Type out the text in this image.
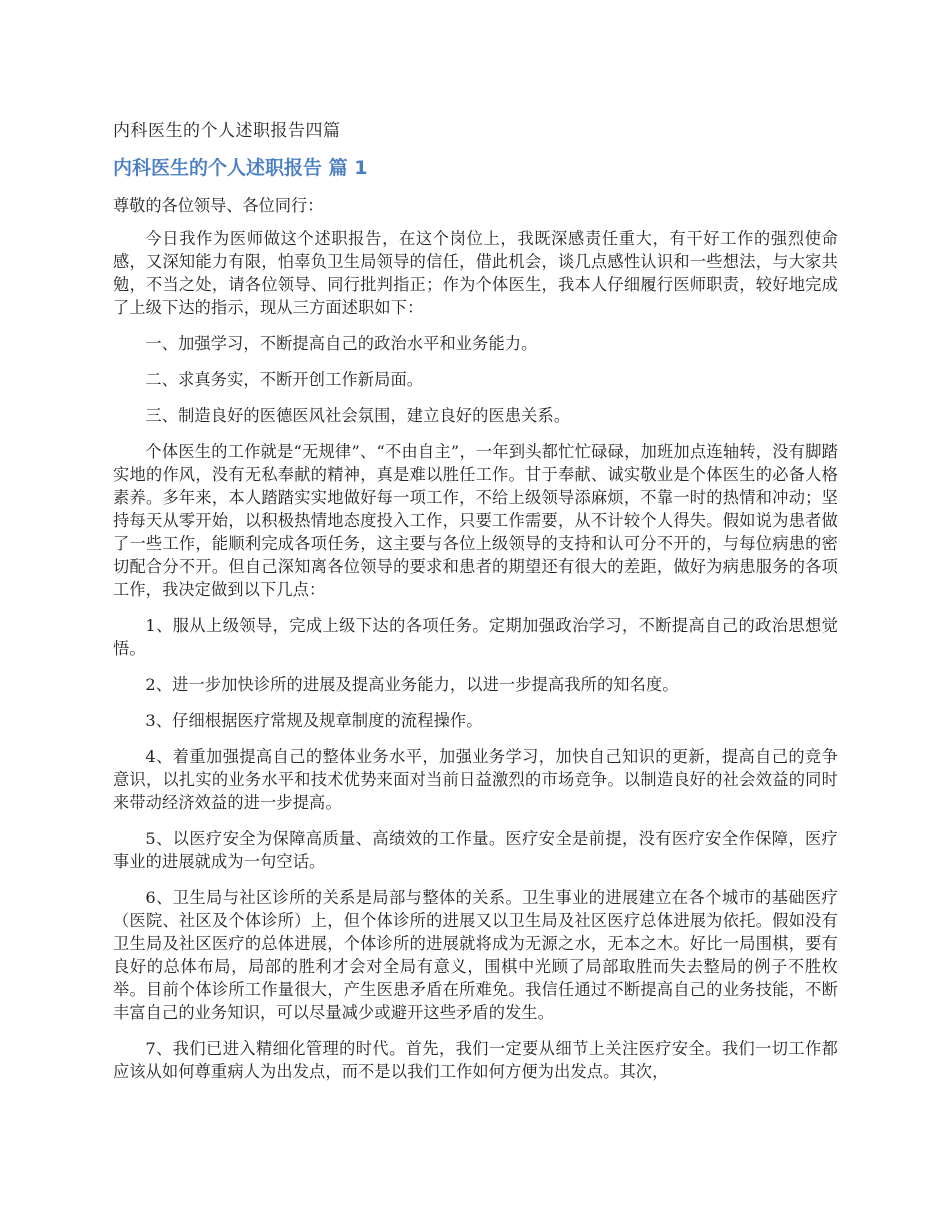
内科医生的个人述职报告四篇

内科医生的个人述职报告 篇 1

尊敬的各位领导、各位同行：

今日我作为医师做这个述职报告，在这个岗位上，我既深感责任重大，有干好工作的强烈使命感，又深知能力有限，怕辜负卫生局领导的信任，借此机会，谈几点感性认识和一些想法，与大家共勉，不当之处，请各位领导、同行批判指正；作为个体医生，我本人仔细履行医师职责，较好地完成了上级下达的指示，现从三方面述职如下：

一、加强学习，不断提高自己的政治水平和业务能力。

二、求真务实，不断开创工作新局面。

三、制造良好的医德医风社会氛围，建立良好的医患关系。

个体医生的工作就是“无规律”、“不由自主”，一年到头都忙忙碌碌，加班加点连轴转，没有脚踏实地的作风，没有无私奉献的精神，真是难以胜任工作。甘于奉献、诚实敬业是个体医生的必备人格素养。多年来，本人踏踏实实地做好每一项工作，不给上级领导添麻烦，不靠一时的热情和冲动；坚持每天从零开始，以积极热情地态度投入工作，只要工作需要，从不计较个人得失。假如说为患者做了一些工作，能顺利完成各项任务，这主要与各位上级领导的支持和认可分不开的，与每位病患的密切配合分不开。但自己深知离各位领导的要求和患者的期望还有很大的差距，做好为病患服务的各项工作，我决定做到以下几点：

1、服从上级领导，完成上级下达的各项任务。定期加强政治学习，不断提高自己的政治思想觉悟。

2、进一步加快诊所的进展及提高业务能力，以进一步提高我所的知名度。

3、仔细根据医疗常规及规章制度的流程操作。

4、着重加强提高自己的整体业务水平，加强业务学习，加快自己知识的更新，提高自己的竞争意识，以扎实的业务水平和技术优势来面对当前日益激烈的市场竞争。以制造良好的社会效益的同时来带动经济效益的进一步提高。

5、以医疗安全为保障高质量、高绩效的工作量。医疗安全是前提，没有医疗安全作保障，医疗事业的进展就成为一句空话。

6、卫生局与社区诊所的关系是局部与整体的关系。卫生事业的进展建立在各个城市的基础医疗（医院、社区及个体诊所）上，但个体诊所的进展又以卫生局及社区医疗总体进展为依托。假如没有卫生局及社区医疗的总体进展，个体诊所的进展就将成为无源之水，无本之木。好比一局围棋，要有良好的总体布局，局部的胜利才会对全局有意义，围棋中光顾了局部取胜而失去整局的例子不胜枚举。目前个体诊所工作量很大，产生医患矛盾在所难免。我信任通过不断提高自己的业务技能，不断丰富自己的业务知识，可以尽量减少或避开这些矛盾的发生。

7、我们已进入精细化管理的时代。首先，我们一定要从细节上关注医疗安全。我们一切工作都应该从如何尊重病人为出发点，而不是以我们工作如何方便为出发点。其次，
